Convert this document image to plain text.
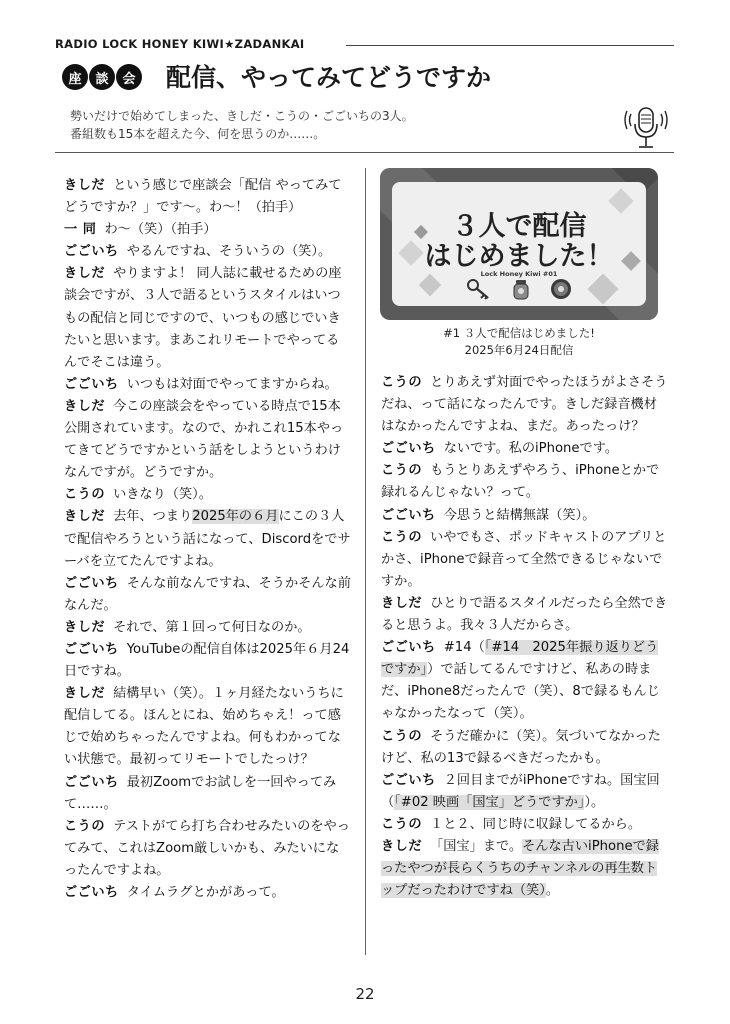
RADIO LOCK HONEY KIWI★ZADANKAI
座	談	会 配信、やってみてどうですか
勢いだけで始めてしまった、きしだ・こうの・ごごいちの3人。
番組数も15本を超えた今、何を思うのか……。

きしだ という感じで座談会「配信 やってみてどうですか？」です〜。わ〜！（拍手）

一 同 わ〜（笑）（拍手）

ごごいち やるんですね、そういうの（笑）。

きしだ やりますよ！ 同人誌に載せるための座談会ですが、３人で語るというスタイルはいつもの配信と同じですので、いつもの感じでいきたいと思います。まあこれリモートでやってるんでそこは違う。

ごごいち いつもは対面でやってますからね。

きしだ 今この座談会をやっている時点で15本公開されています。なので、かれこれ15本やってきてどうですかという話をしようというわけなんですが。どうですか。

こうの いきなり（笑）。

きしだ 去年、つまり2025年の６月にこの３人で配信やろうという話になって、Discordをでサーバを立てたんですよね。

ごごいち そんな前なんですね、そうかそんな前なんだ。

きしだ それで、第１回って何日なのか。

ごごいち YouTubeの配信自体は2025年６月24日ですね。

きしだ 結構早い（笑）。１ヶ月経たないうちに配信してる。ほんとにね、始めちゃえ！って感じで始めちゃったんですよね。何もわかってない状態で。最初ってリモートでしたっけ？

ごごいち 最初Zoomでお試しを一回やってみて……。

こうの テストがてら打ち合わせみたいのをやってみて、これはZoom厳しいかも、みたいになったんですよね。

ごごいち タイムラグとかがあって。

３人で配信
はじめました！
Lock Honey Kiwi #01
#1 ３人で配信はじめました!
2025年6月24日配信

こうの とりあえず対面でやったほうがよさそうだね、って話になったんです。きしだ録音機材はなかったんですよね、まだ。あったっけ？

ごごいち ないです。私のiPhoneです。

こうの もうとりあえずやろう、iPhoneとかで録れるんじゃない？って。

ごごいち 今思うと結構無謀（笑）。

こうの いやでもさ、ポッドキャストのアプリとかさ、iPhoneで録音って全然できるじゃないですか。

きしだ ひとりで語るスタイルだったら全然できると思うよ。我々３人だからさ。

ごごいち #14（「#14　2025年振り返りどうですか」）で話してるんですけど、私あの時まだ、iPhone8だったんで（笑）、8で録るもんじゃなかったなって（笑）。

こうの そうだ確かに（笑）。気づいてなかったけど、私の13で録るべきだったかも。

ごごいち ２回目までがiPhoneですね。国宝回（「#02 映画「国宝」どうですか」）。

こうの １と２、同じ時に収録してるから。

きしだ 「国宝」まで。そんな古いiPhoneで録ったやつが長らくうちのチャンネルの再生数トップだったわけですね（笑）。

22
